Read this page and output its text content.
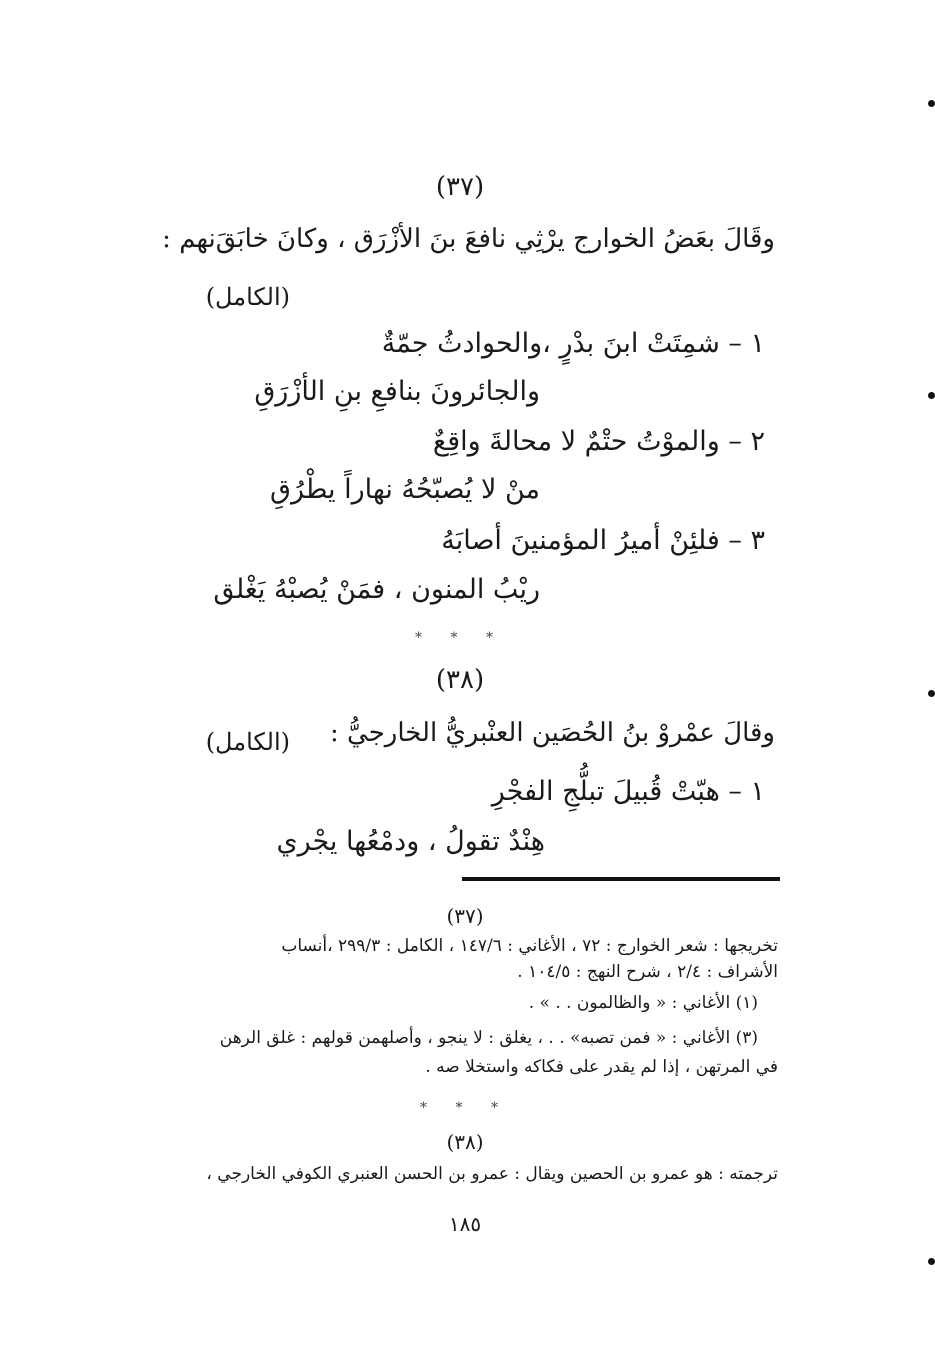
(٣٧)
وقَالَ بعَضُ الخوارج يرْثِي نافعَ بنَ الأزْرَق ، وكانَ خابَقَ‌نهم :
(الكامل)
١ – شمِتَتْ ابنَ بدْرٍ ،والحوادثُ جمّةٌ
والجائرونَ بنافعِ بنِ الأزْرَقِ
٢ – والموْتُ حتْمٌ لا محالةَ واقِعٌ
منْ لا يُصبّحُهُ نهاراً يطْرُقِ
٣ – فلئِنْ أميرُ المؤمنينَ أصابَهُ
ريْبُ المنون ، فمَنْ يُصبْهُ يَغْلق
* * *
(٣٨)
وقالَ عمْروْ بنُ الحُصَين العنْبريُّ الخارجيُّ :
(الكامل)
١ – هبّتْ قُبيلَ تبلُّجِ الفجْرِ
هِنْدٌ تقولُ ، ودمْعُها يجْري
(٣٧)
تخريجها : شعر الخوارج : ٧٢ ، الأغاني : ١٤٧/٦ ، الكامل : ٢٩٩/٣ ،أنساب
الأشراف : ٢/٤ ، شرح النهج : ١٠٤/٥ .
(١) الأغاني : « والظالمون . . » .
(٣) الأغاني : « فمن تصبه» . . ، يغلق : لا ينجو ، وأصلهمن قولهم : غلق الرهن
في المرتهن ، إذا لم يقدر على فكاكه واستخلا صه .
* * *
(٣٨)
ترجمته : هو عمرو بن الحصين ويقال : عمرو بن الحسن العنبري الكوفي الخارجي ،
١٨٥
